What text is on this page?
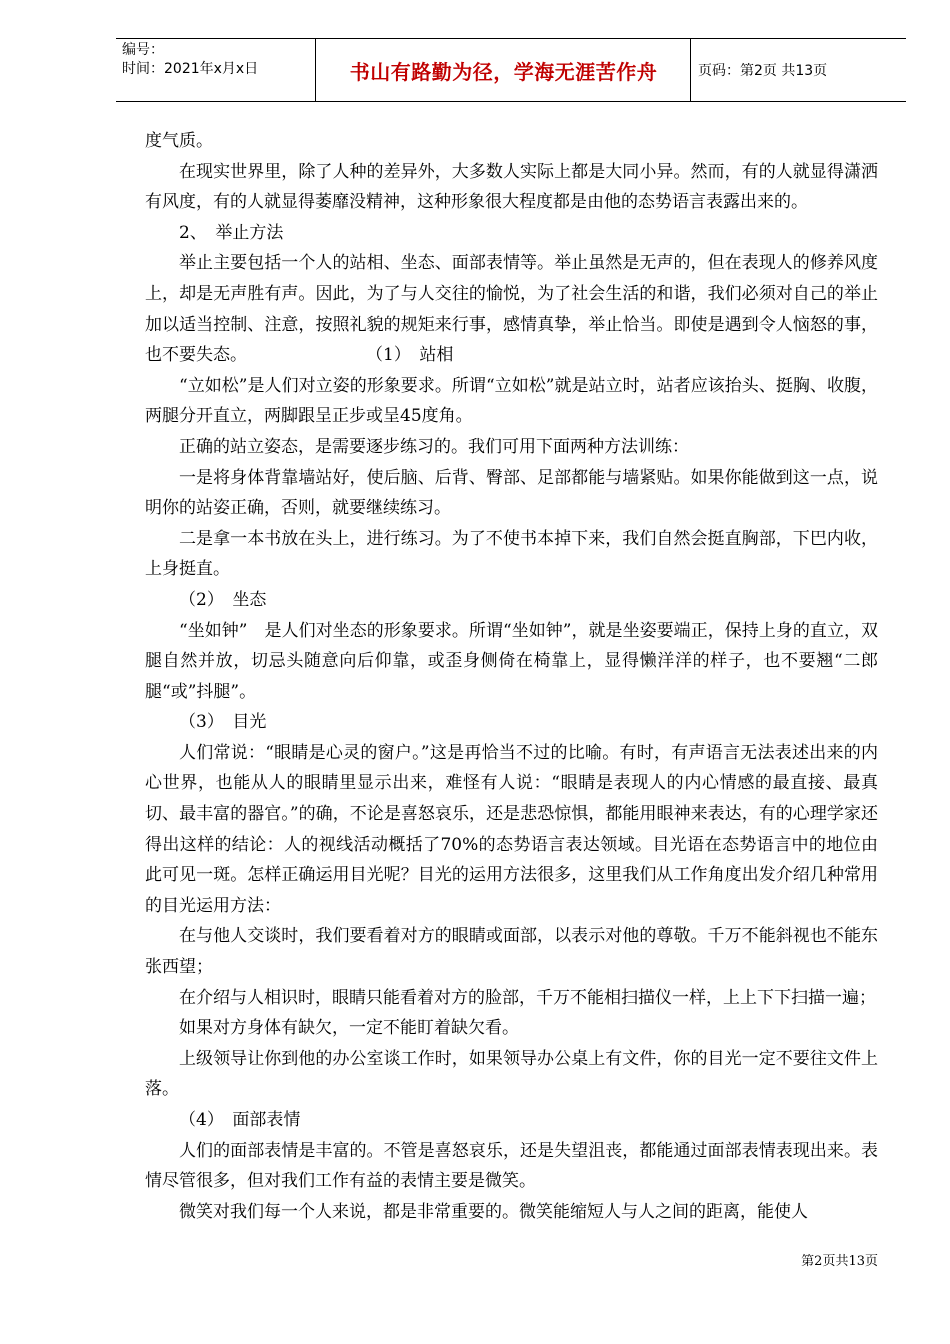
编号：
时间：2021年x月x日	书山有路勤为径，学海无涯苦作舟	页码：第2页 共13页

度气质。

在现实世界里，除了人种的差异外，大多数人实际上都是大同小异。然而，有的人就显得潇洒有风度，有的人就显得萎靡没精神，这种形象很大程度都是由他的态势语言表露出来的。

2、　举止方法

举止主要包括一个人的站相、坐态、面部表情等。举止虽然是无声的，但在表现人的修养风度上，却是无声胜有声。因此，为了与人交往的愉悦，为了社会生活的和谐，我们必须对自己的举止加以适当控制、注意，按照礼貌的规矩来行事，感情真挚，举止恰当。即使是遇到令人恼怒的事，也不要失态。　　　　　　　　（1）　站相

“立如松”是人们对立姿的形象要求。所谓“立如松”就是站立时，站者应该抬头、挺胸、收腹，两腿分开直立，两脚跟呈正步或呈45度角。

正确的站立姿态，是需要逐步练习的。我们可用下面两种方法训练：

一是将身体背靠墙站好，使后脑、后背、臀部、足部都能与墙紧贴。如果你能做到这一点，说明你的站姿正确，否则，就要继续练习。

二是拿一本书放在头上，进行练习。为了不使书本掉下来，我们自然会挺直胸部，下巴内收，上身挺直。

（2）　坐态

“坐如钟”　是人们对坐态的形象要求。所谓“坐如钟”，就是坐姿要端正，保持上身的直立，双腿自然并放，切忌头随意向后仰靠，或歪身侧倚在椅靠上，显得懒洋洋的样子，也不要翘“二郎腿“或”抖腿”。

（3）　目光

人们常说：“眼睛是心灵的窗户。”这是再恰当不过的比喻。有时，有声语言无法表述出来的内心世界，也能从人的眼睛里显示出来，难怪有人说：“眼睛是表现人的内心情感的最直接、最真切、最丰富的器官。”的确，不论是喜怒哀乐，还是悲恐惊惧，都能用眼神来表达，有的心理学家还得出这样的结论：人的视线活动概括了70%的态势语言表达领域。目光语在态势语言中的地位由此可见一斑。怎样正确运用目光呢？目光的运用方法很多，这里我们从工作角度出发介绍几种常用的目光运用方法：

在与他人交谈时，我们要看着对方的眼睛或面部，以表示对他的尊敬。千万不能斜视也不能东张西望；

在介绍与人相识时，眼睛只能看着对方的脸部，千万不能相扫描仪一样，上上下下扫描一遍；

如果对方身体有缺欠，一定不能盯着缺欠看。

上级领导让你到他的办公室谈工作时，如果领导办公桌上有文件，你的目光一定不要往文件上落。

（4）　面部表情

人们的面部表情是丰富的。不管是喜怒哀乐，还是失望沮丧，都能通过面部表情表现出来。表情尽管很多，但对我们工作有益的表情主要是微笑。

微笑对我们每一个人来说，都是非常重要的。微笑能缩短人与人之间的距离，能使人

第2页共13页
